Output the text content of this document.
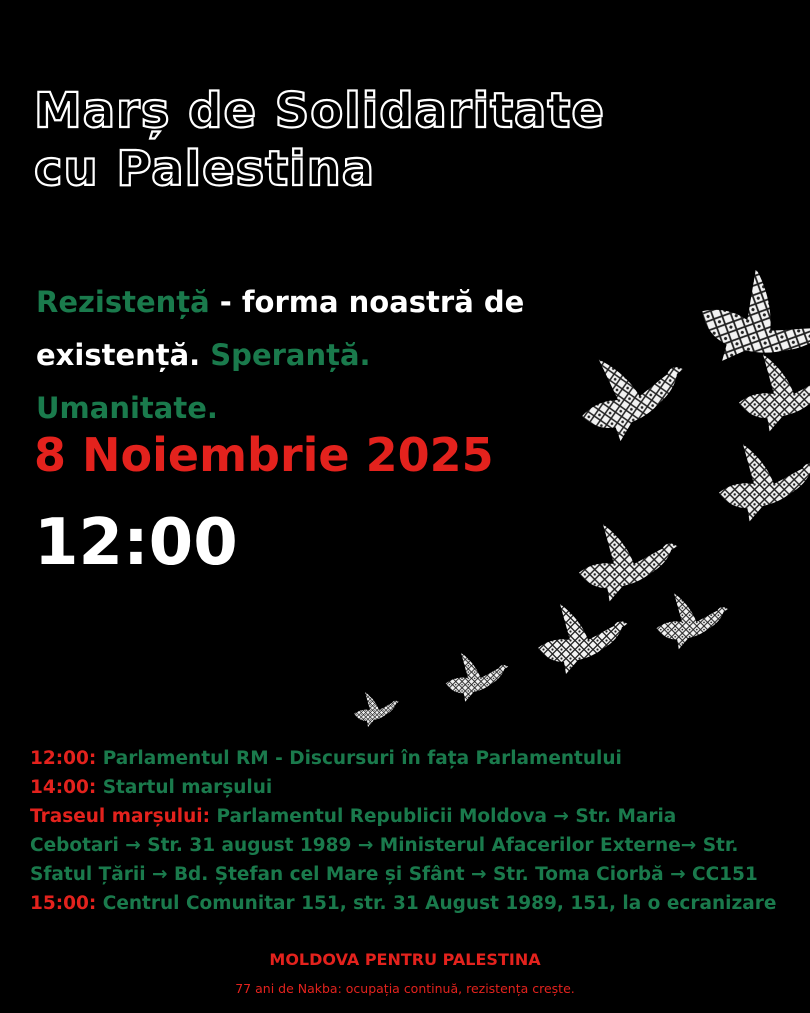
Marș de Solidaritate
cu Palestina

Rezistență - forma noastră de existență. Speranță.
Umanitate.

8 Noiembrie 2025
12:00
12:00: Parlamentul RM - Discursuri în fața Parlamentului
14:00: Startul marșului
Traseul marșului: Parlamentul Republicii Moldova → Str. Maria
Cebotari → Str. 31 august 1989 → Ministerul Afacerilor Externe→ Str.
Sfatul Țării → Bd. Ștefan cel Mare și Sfânt → Str. Toma Ciorbă → CC151
15:00: Centrul Comunitar 151, str. 31 August 1989, 151, la o ecranizare
MOLDOVA PENTRU PALESTINA
77 ani de Nakba: ocupația continuă, rezistența crește.
